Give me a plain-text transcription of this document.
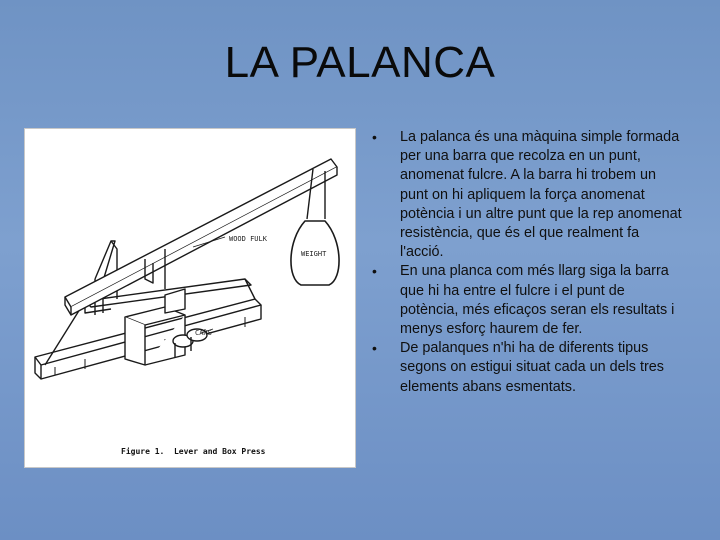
LA PALANCA
WOOD FULK
WEIGHT
CANS
Figure 1.  Lever and Box Press
• La palanca és una màquina simple formada per una barra que recolza en un punt, anomenat fulcre. A la barra hi trobem un punt on hi apliquem la força anomenat potència i un altre punt que la rep anomenat resistència, que és el que realment fa l'acció.
• En una planca com més llarg siga la barra que hi ha entre el fulcre i el punt de potència, més eficaços seran els resultats i menys esforç haurem de fer.
• De palanques n'hi ha de diferents tipus segons on estigui situat cada un dels tres elements abans esmentats.
